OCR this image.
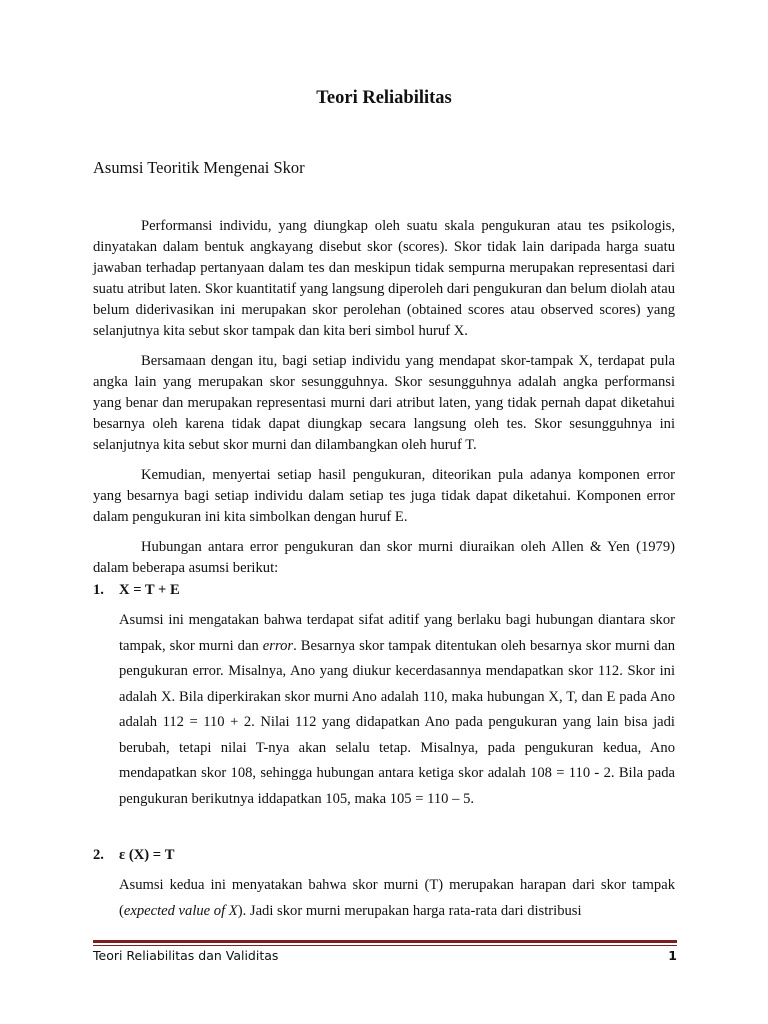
Teori Reliabilitas
Asumsi Teoritik Mengenai Skor

Performansi individu, yang diungkap oleh suatu skala pengukuran atau tes psikologis, dinyatakan dalam bentuk angkayang disebut skor (scores). Skor tidak lain daripada harga suatu jawaban terhadap pertanyaan dalam tes dan meskipun tidak sempurna merupakan representasi dari suatu atribut laten. Skor kuantitatif yang langsung diperoleh dari pengukuran dan belum diolah atau belum diderivasikan ini merupakan skor perolehan (obtained scores atau observed scores) yang selanjutnya kita sebut skor tampak dan kita beri simbol huruf X.

Bersamaan dengan itu, bagi setiap individu yang mendapat skor-tampak X, terdapat pula angka lain yang merupakan skor sesungguhnya. Skor sesungguhnya adalah angka performansi yang benar dan merupakan representasi murni dari atribut laten, yang tidak pernah dapat diketahui besarnya oleh karena tidak dapat diungkap secara langsung oleh tes. Skor sesungguhnya ini selanjutnya kita sebut skor murni dan dilambangkan oleh huruf T.

Kemudian, menyertai setiap hasil pengukuran, diteorikan pula adanya komponen error yang besarnya bagi setiap individu dalam setiap tes juga tidak dapat diketahui. Komponen error dalam pengukuran ini kita simbolkan dengan huruf E.

Hubungan antara error pengukuran dan skor murni diuraikan oleh Allen & Yen (1979) dalam beberapa asumsi berikut:

1.	X = T + E
Asumsi ini mengatakan bahwa terdapat sifat aditif yang berlaku bagi hubungan diantara skor tampak, skor murni dan error. Besarnya skor tampak ditentukan oleh besarnya skor murni dan pengukuran error. Misalnya, Ano yang diukur kecerdasannya mendapatkan skor 112. Skor ini adalah X. Bila diperkirakan skor murni Ano adalah 110, maka hubungan X, T, dan E pada Ano adalah 112 = 110 + 2. Nilai 112 yang didapatkan Ano pada pengukuran yang lain bisa jadi berubah, tetapi nilai T-nya akan selalu tetap. Misalnya, pada pengukuran kedua, Ano mendapatkan skor 108, sehingga hubungan antara ketiga skor adalah 108 = 110 - 2. Bila pada pengukuran berikutnya iddapatkan 105, maka 105 = 110 – 5.
2.	ε (X) = T
Asumsi kedua ini menyatakan bahwa skor murni (T) merupakan harapan dari skor tampak (expected value of X). Jadi skor murni merupakan harga rata-rata dari distribusi
Teori Reliabilitas dan Validitas	1
